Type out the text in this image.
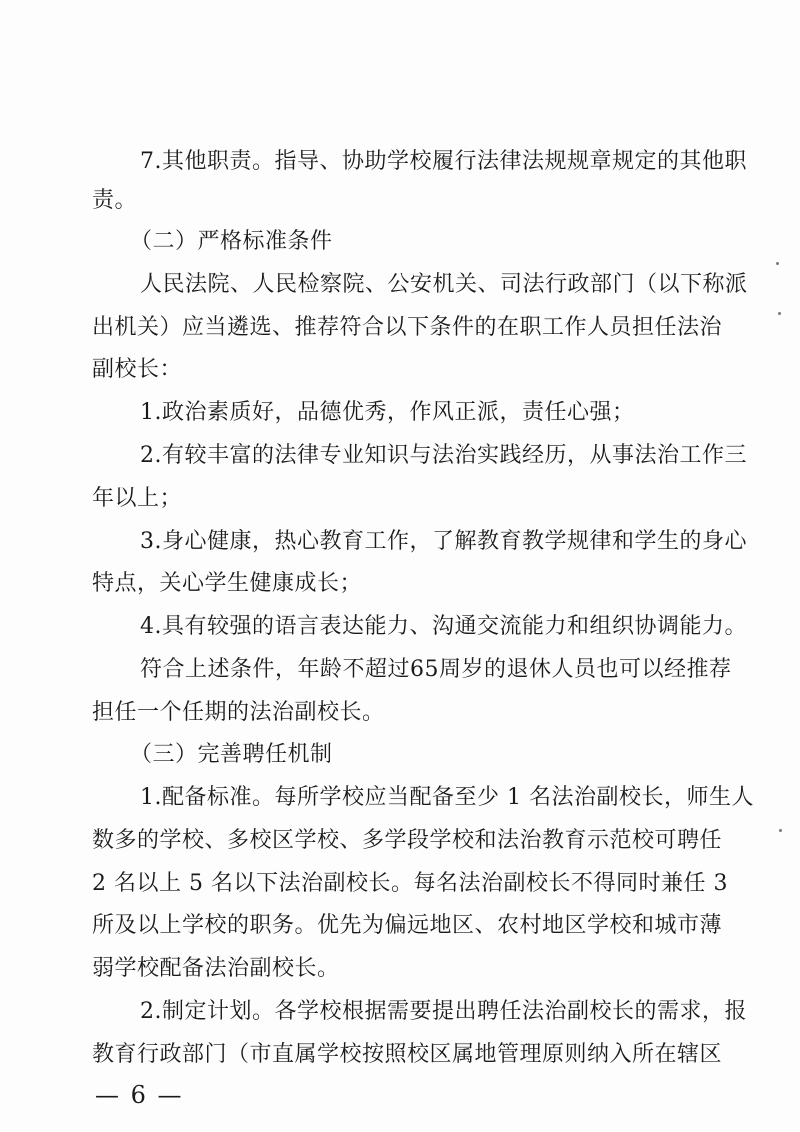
7.其他职责。指导、协助学校履行法律法规规章规定的其他职
责。
（二）严格标准条件
人民法院、人民检察院、公安机关、司法行政部门（以下称派
出机关）应当遴选、推荐符合以下条件的在职工作人员担任法治
副校长：
1.政治素质好，品德优秀，作风正派，责任心强；
2.有较丰富的法律专业知识与法治实践经历，从事法治工作三
年以上；
3.身心健康，热心教育工作，了解教育教学规律和学生的身心
特点，关心学生健康成长；
4.具有较强的语言表达能力、沟通交流能力和组织协调能力。
符合上述条件，年龄不超过65周岁的退休人员也可以经推荐
担任一个任期的法治副校长。
（三）完善聘任机制
1.配备标准。每所学校应当配备至少 1 名法治副校长，师生人
数多的学校、多校区学校、多学段学校和法治教育示范校可聘任
2 名以上 5 名以下法治副校长。每名法治副校长不得同时兼任 3
所及以上学校的职务。优先为偏远地区、农村地区学校和城市薄
弱学校配备法治副校长。
2.制定计划。各学校根据需要提出聘任法治副校长的需求，报
教育行政部门（市直属学校按照校区属地管理原则纳入所在辖区
— 6 —
